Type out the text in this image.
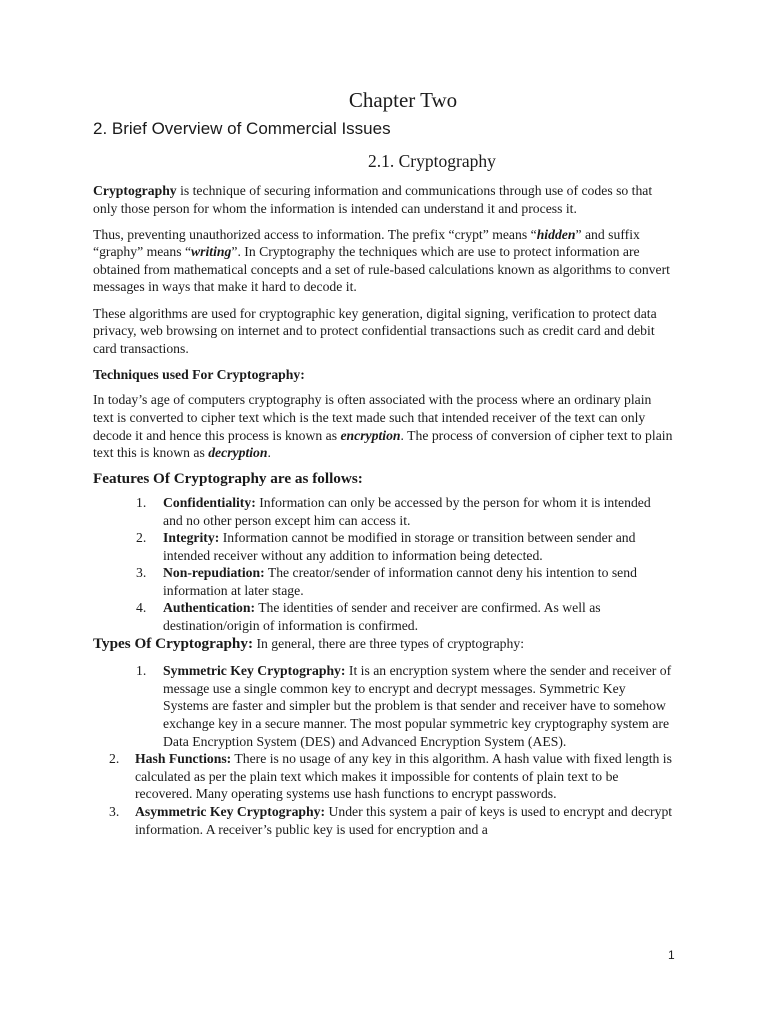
Chapter Two
2. Brief Overview of Commercial Issues
2.1. Cryptography

Cryptography is technique of securing information and communications through use of codes so that only those person for whom the information is intended can understand it and process it.

Thus, preventing unauthorized access to information. The prefix “crypt” means “hidden” and suffix “graphy” means “writing”. In Cryptography the techniques which are use to protect information are obtained from mathematical concepts and a set of rule-based calculations known as algorithms to convert messages in ways that make it hard to decode it.

These algorithms are used for cryptographic key generation, digital signing, verification to protect data privacy, web browsing on internet and to protect confidential transactions such as credit card and debit card transactions.

Techniques used For Cryptography:

In today’s age of computers cryptography is often associated with the process where an ordinary plain text is converted to cipher text which is the text made such that intended receiver of the text can only decode it and hence this process is known as encryption. The process of conversion of cipher text to plain text this is known as decryption.

Features Of Cryptography are as follows:
1. Confidentiality: Information can only be accessed by the person for whom it is intended and no other person except him can access it.
2. Integrity: Information cannot be modified in storage or transition between sender and intended receiver without any addition to information being detected.
3. Non-repudiation: The creator/sender of information cannot deny his intention to send information at later stage.
4. Authentication: The identities of sender and receiver are confirmed. As well as destination/origin of information is confirmed.
Types Of Cryptography: In general, there are three types of cryptography:
1. Symmetric Key Cryptography: It is an encryption system where the sender and receiver of message use a single common key to encrypt and decrypt messages. Symmetric Key Systems are faster and simpler but the problem is that sender and receiver have to somehow exchange key in a secure manner. The most popular symmetric key cryptography system are Data Encryption System (DES) and Advanced Encryption System (AES).
2. Hash Functions: There is no usage of any key in this algorithm. A hash value with fixed length is calculated as per the plain text which makes it impossible for contents of plain text to be recovered. Many operating systems use hash functions to encrypt passwords.
3. Asymmetric Key Cryptography: Under this system a pair of keys is used to encrypt and decrypt information. A receiver’s public key is used for encryption and a
1
